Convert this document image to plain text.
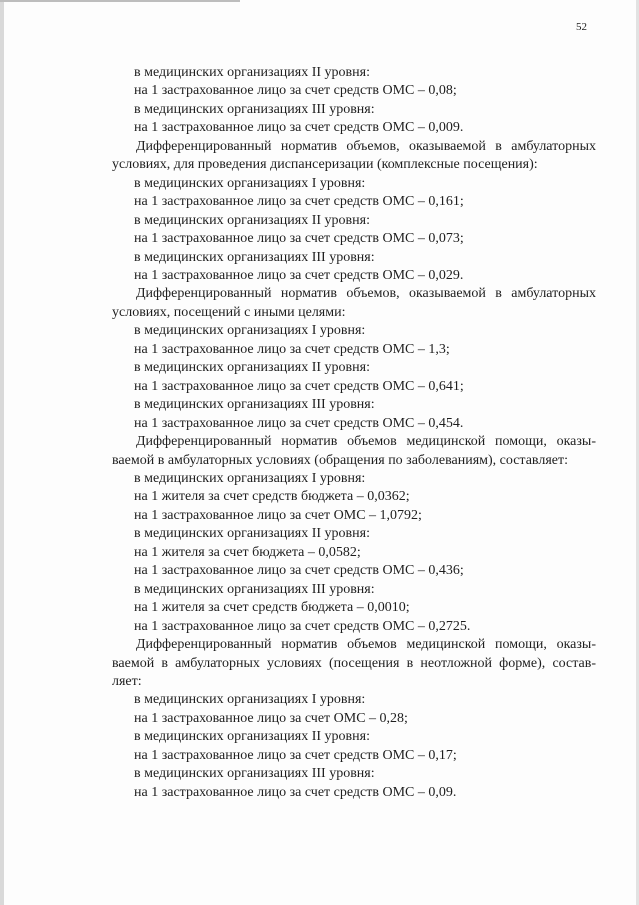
52
в медицинских организациях II уровня:
на 1 застрахованное лицо за счет средств ОМС – 0,08;
в медицинских организациях III уровня:
на 1 застрахованное лицо за счет средств ОМС – 0,009.
Дифференцированный норматив объемов, оказываемой в амбулаторных
условиях, для проведения диспансеризации (комплексные посещения):
в медицинских организациях I уровня:
на 1 застрахованное лицо за счет средств ОМС – 0,161;
в медицинских организациях II уровня:
на 1 застрахованное лицо за счет средств ОМС – 0,073;
в медицинских организациях III уровня:
на 1 застрахованное лицо за счет средств ОМС – 0,029.
Дифференцированный норматив объемов, оказываемой в амбулаторных
условиях, посещений с иными целями:
в медицинских организациях I уровня:
на 1 застрахованное лицо за счет средств ОМС – 1,3;
в медицинских организациях II уровня:
на 1 застрахованное лицо за счет средств ОМС – 0,641;
в медицинских организациях III уровня:
на 1 застрахованное лицо за счет средств ОМС – 0,454.
Дифференцированный норматив объемов медицинской помощи, оказы-
ваемой в амбулаторных условиях (обращения по заболеваниям), составляет:
в медицинских организациях I уровня:
на 1 жителя за счет средств бюджета – 0,0362;
на 1 застрахованное лицо за счет ОМС – 1,0792;
в медицинских организациях II уровня:
на 1 жителя за счет бюджета – 0,0582;
на 1 застрахованное лицо за счет средств ОМС – 0,436;
в медицинских организациях III уровня:
на 1 жителя за счет средств бюджета – 0,0010;
на 1 застрахованное лицо за счет средств ОМС – 0,2725.
Дифференцированный норматив объемов медицинской помощи, оказы-
ваемой в амбулаторных условиях (посещения в неотложной форме), состав-
ляет:
в медицинских организациях I уровня:
на 1 застрахованное лицо за счет ОМС – 0,28;
в медицинских организациях II уровня:
на 1 застрахованное лицо за счет средств ОМС – 0,17;
в медицинских организациях III уровня:
на 1 застрахованное лицо за счет средств ОМС – 0,09.
